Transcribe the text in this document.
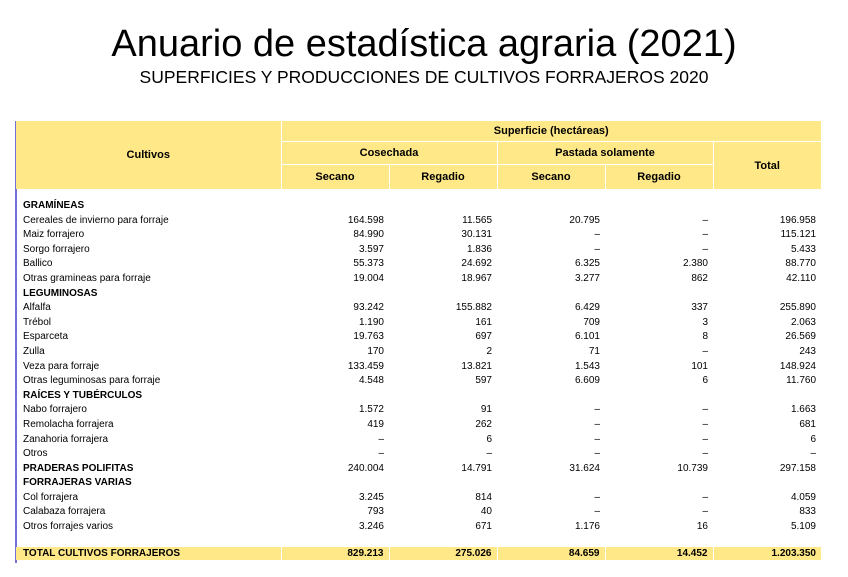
Anuario de estadística agraria (2021)
SUPERFICIES Y PRODUCCIONES DE CULTIVOS FORRAJEROS 2020
Cultivos	Superficie (hectáreas)				
	Cosechada		Pastada solamente		Total
	Secano	Regadio	Secano	Regadio	

GRAMÍNEAS					
Cereales de invierno para forraje	164.598	11.565	20.795	–	196.958
Maiz forrajero	84.990	30.131	–	–	115.121
Sorgo forrajero	3.597	1.836	–	–	5.433
Ballico	55.373	24.692	6.325	2.380	88.770
Otras gramineas para forraje	19.004	18.967	3.277	862	42.110
LEGUMINOSAS					
Alfalfa	93.242	155.882	6.429	337	255.890
Trébol	1.190	161	709	3	2.063
Esparceta	19.763	697	6.101	8	26.569
Zulla	170	2	71	–	243
Veza para forraje	133.459	13.821	1.543	101	148.924
Otras leguminosas para forraje	4.548	597	6.609	6	11.760
RAÍCES Y TUBÉRCULOS					
Nabo forrajero	1.572	91	–	–	1.663
Remolacha forrajera	419	262	–	–	681
Zanahoria forrajera	–	6	–	–	6
Otros	–	–	–	–	–
PRADERAS POLIFITAS	240.004	14.791	31.624	10.739	297.158
FORRAJERAS VARIAS					
Col forrajera	3.245	814	–	–	4.059
Calabaza forrajera	793	40	–	–	833
Otros forrajes varios	3.246	671	1.176	16	5.109

TOTAL CULTIVOS FORRAJEROS	829.213	275.026	84.659	14.452	1.203.350
